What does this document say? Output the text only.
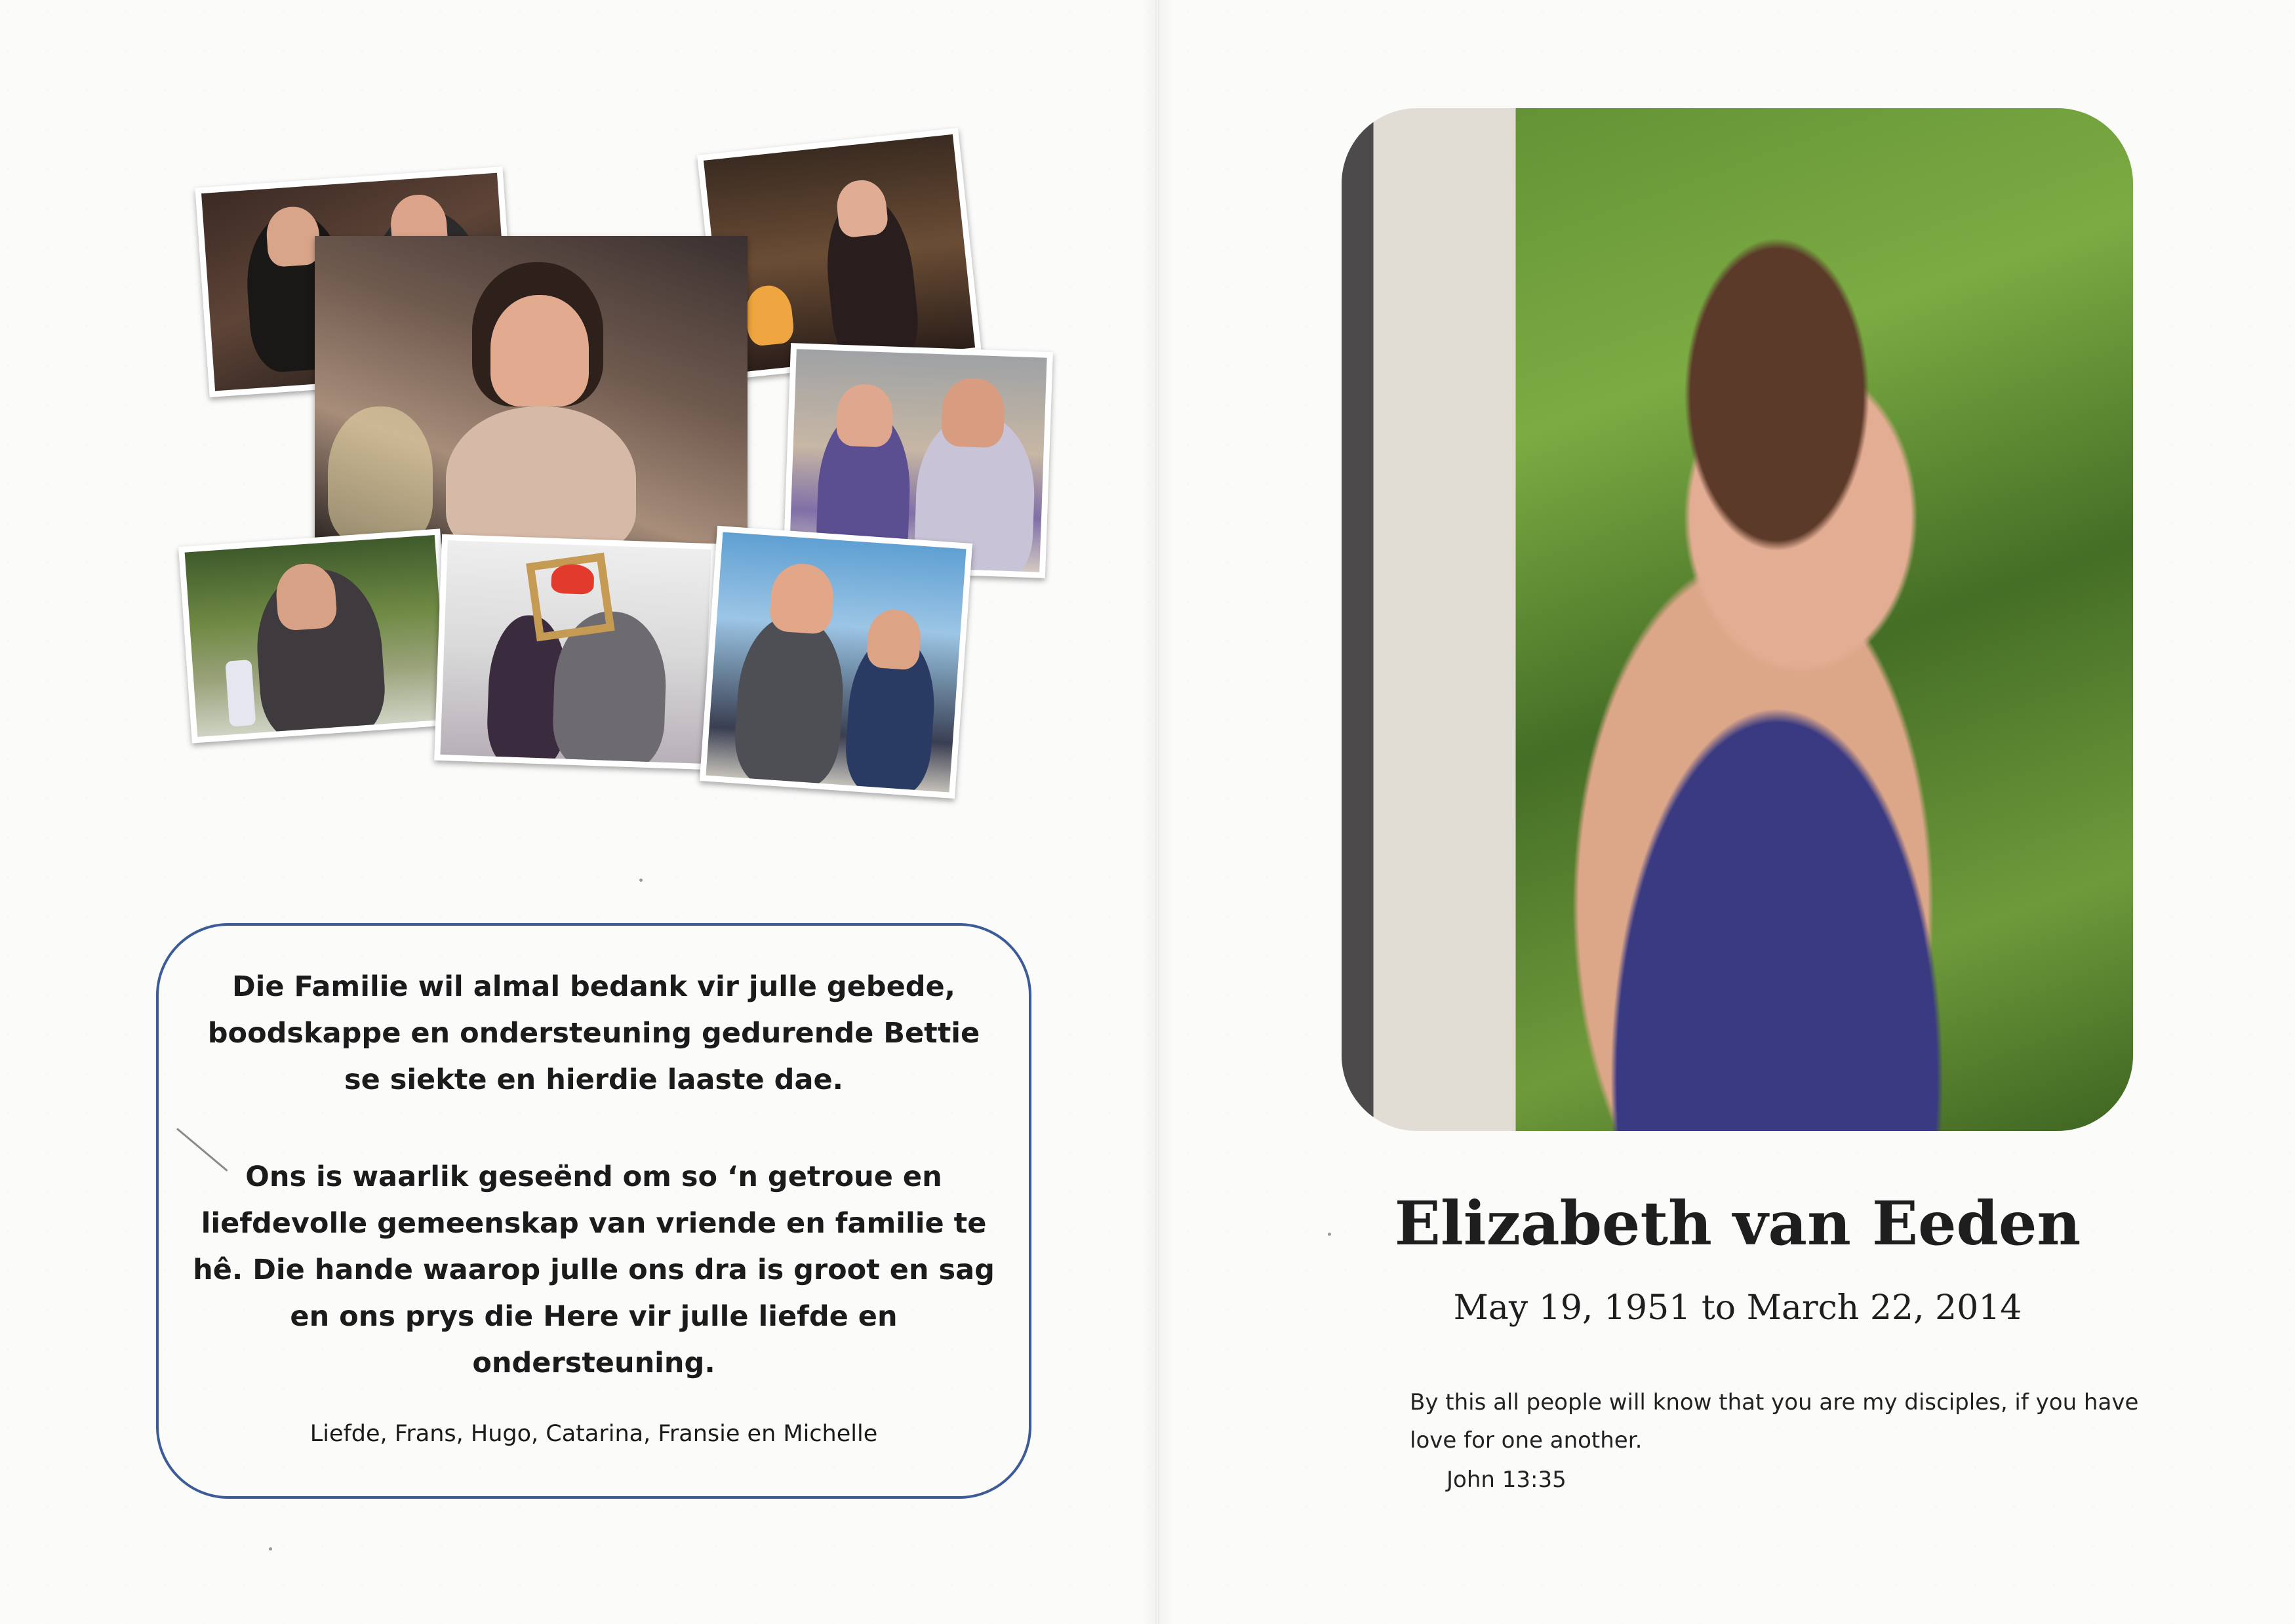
Die Familie wil almal bedank vir julle gebede, boodskappe en ondersteuning gedurende Bettie se siekte en hierdie laaste dae.

Ons is waarlik geseënd om so ‘n getroue en liefdevolle gemeenskap van vriende en familie te hê. Die hande waarop julle ons dra is groot en sag en ons prys die Here vir julle liefde en ondersteuning.

Liefde, Frans, Hugo, Catarina, Fransie en Michelle

Elizabeth van Eeden

May 19, 1951 to March 22, 2014

By this all people will know that you are my disciples, if you have love for one another.

John 13:35
